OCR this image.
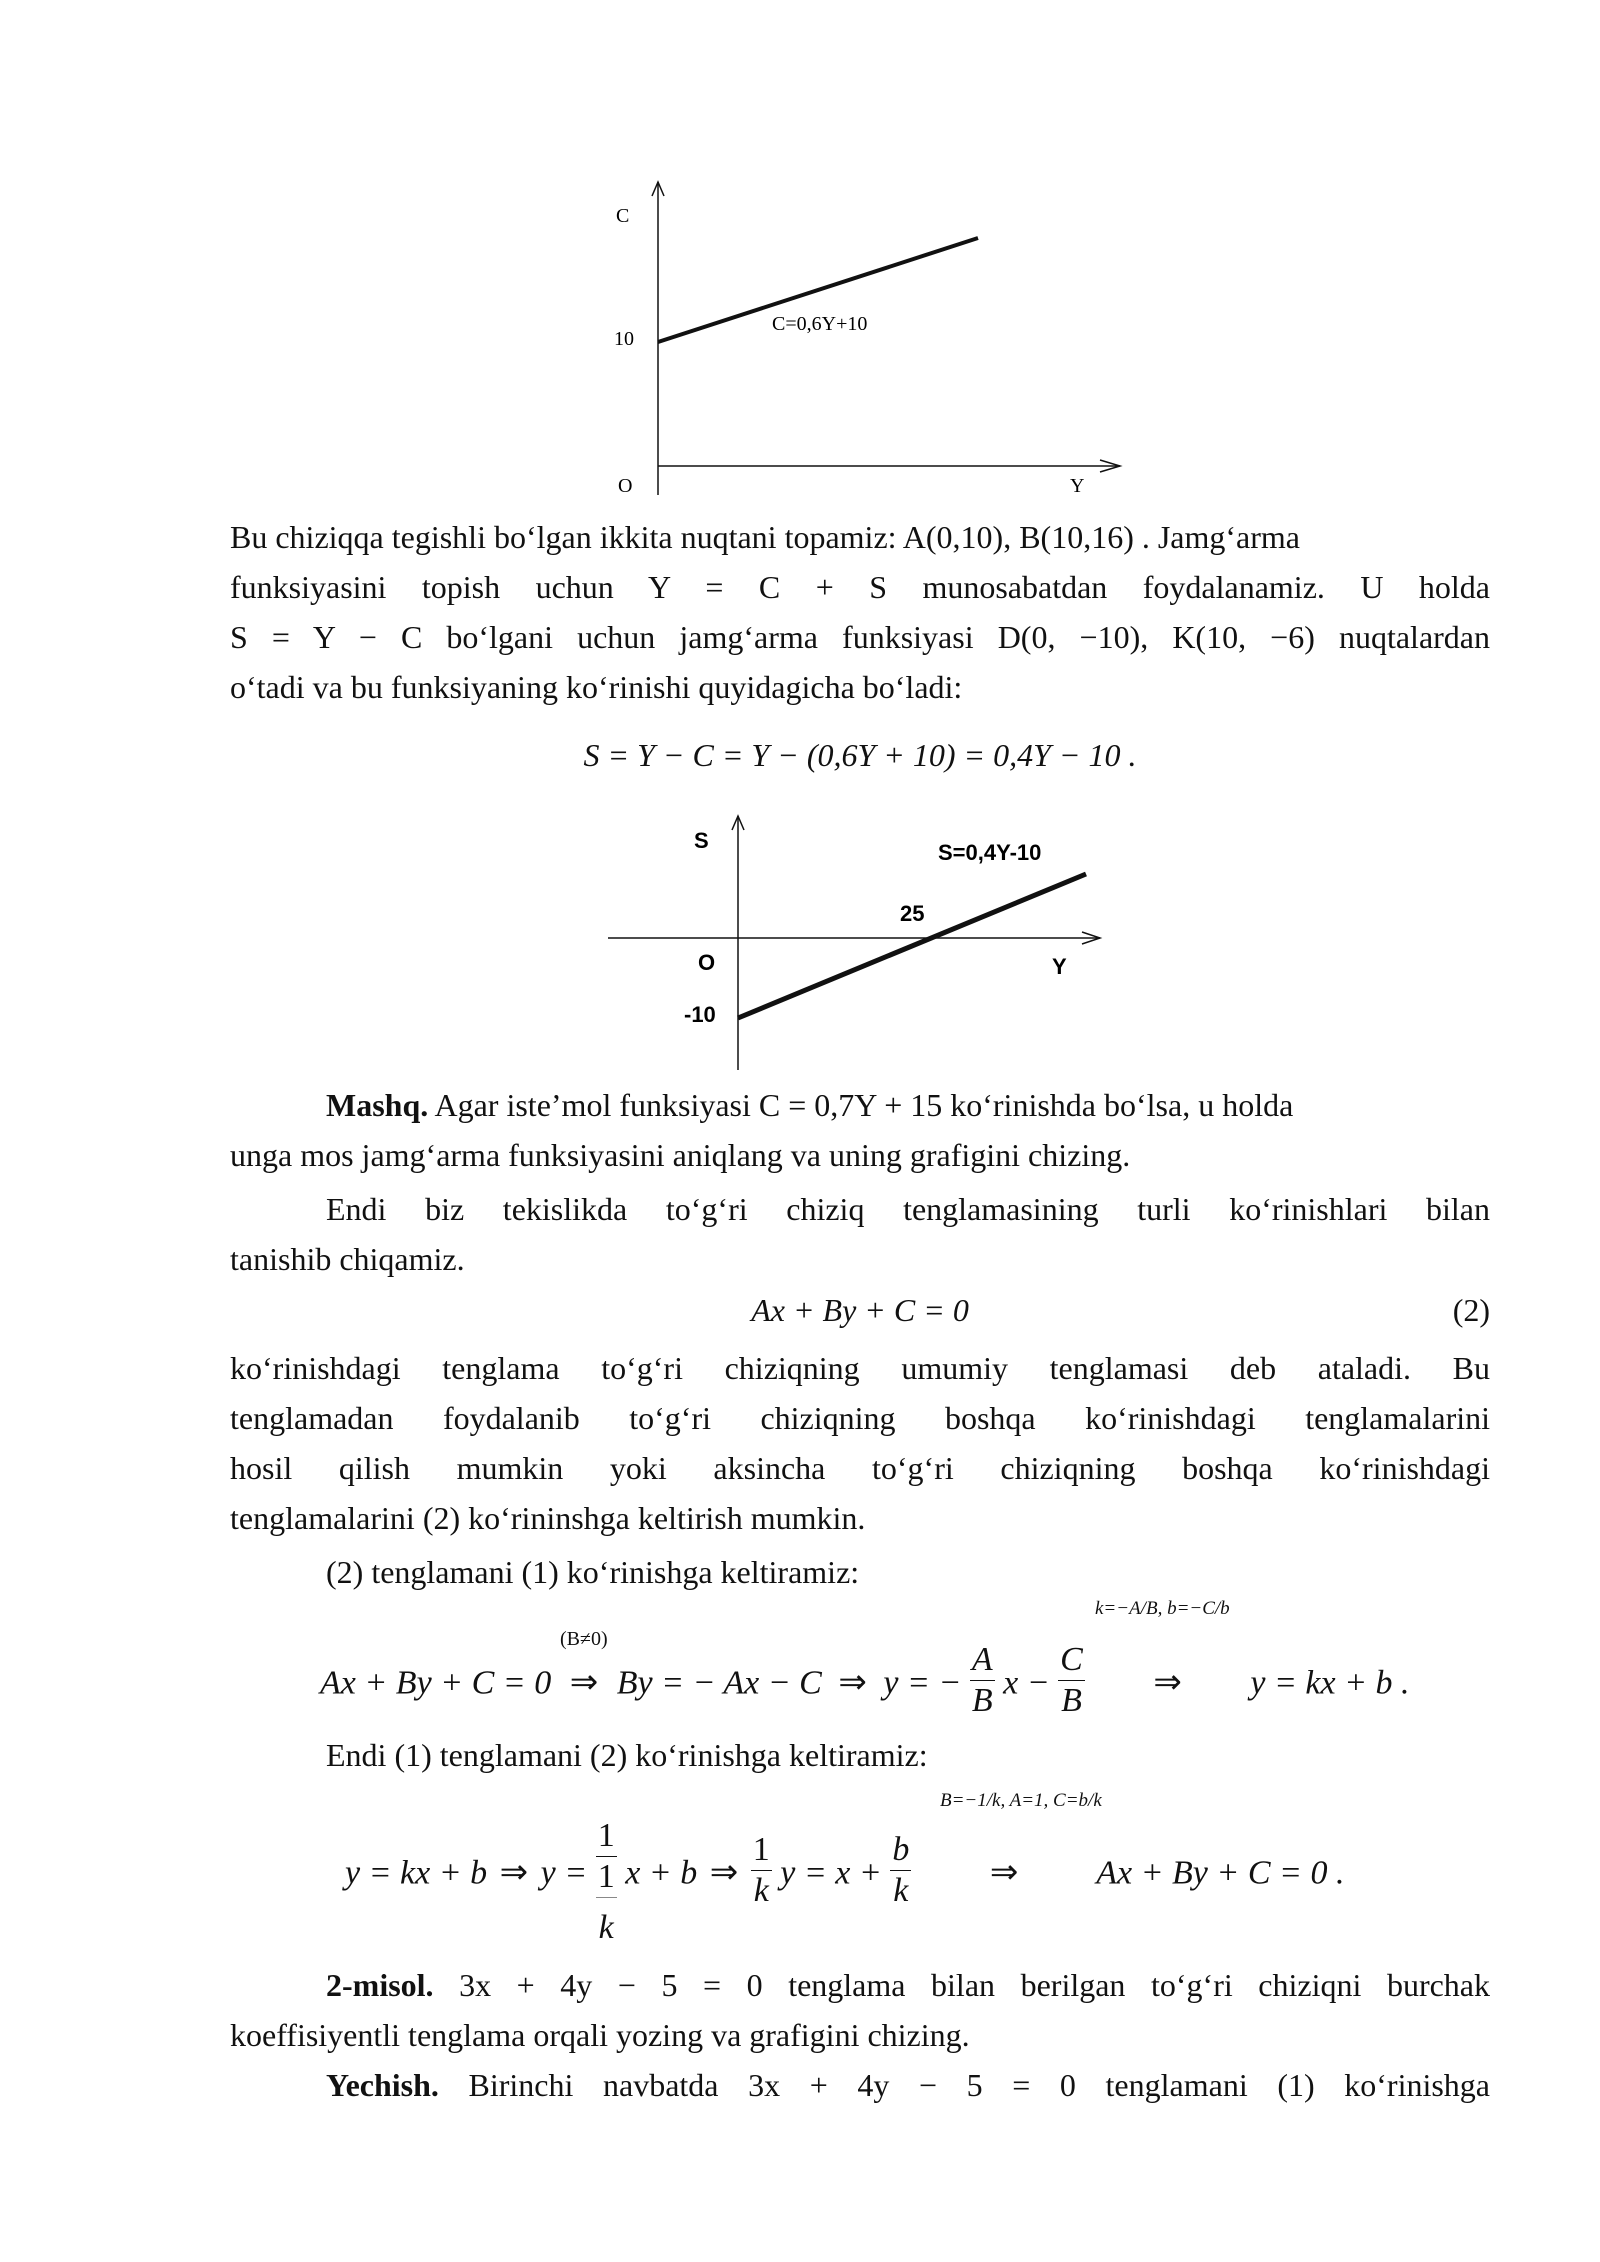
C
10
O	Y
C=0,6Y+10
Bu chiziqqa tegishli bo‘lgan ikkita nuqtani topamiz: A(0,10), B(10,16) . Jamg‘arma
funksiyasini topish uchun Y = C + S munosabatdan foydalanamiz. U holda
S = Y − C bo‘lgani uchun jamg‘arma funksiyasi D(0, −10), K(10, −6) nuqtalardan
o‘tadi va bu funksiyaning ko‘rinishi quyidagicha bo‘ladi:
S = Y − C = Y − (0,6Y + 10) = 0,4Y − 10 .
S
O
-10
25
Y
S=0,4Y-10
Mashq. Agar iste’mol funksiyasi C = 0,7Y + 15 ko‘rinishda bo‘lsa, u holda
unga mos jamg‘arma funksiyasini aniqlang va uning grafigini chizing.
Endi biz tekislikda to‘g‘ri chiziq tenglamasining turli ko‘rinishlari bilan
tanishib chiqamiz.
Ax + By + C = 0	(2)
ko‘rinishdagi tenglama to‘g‘ri chiziqning umumiy tenglamasi deb ataladi. Bu
tenglamadan foydalanib to‘g‘ri chiziqning boshqa ko‘rinishdagi tenglamalarini
hosil qilish mumkin yoki aksincha to‘g‘ri chiziqning boshqa ko‘rinishdagi
tenglamalarini (2) ko‘rininshga keltirish mumkin.
(2) tenglamani (1) ko‘rinishga keltiramiz:
(B≠0)
k=−A/B, b=−C/b
Ax + By + C = 0 ⇒ By = − Ax − C ⇒ y = − $\frac{A}{B}$ $x - \frac{C}{B}$ ⇒ y = kx + b .
Endi (1) tenglamani (2) ko‘rinishga keltiramiz:
B=−1/k, A=1, C=b/k
y = kx + b ⇒ y =
1
1
k
x + b ⇒ $\frac{1}{k}$ $y = x + \frac{b}{k}$ ⇒ Ax + By + C = 0 .
2-misol. 3x + 4y − 5 = 0 tenglama bilan berilgan to‘g‘ri chiziqni burchak
koeffisiyentli tenglama orqali yozing va grafigini chizing.
Yechish. Birinchi navbatda 3x + 4y − 5 = 0 tenglamani (1) ko‘rinishga
